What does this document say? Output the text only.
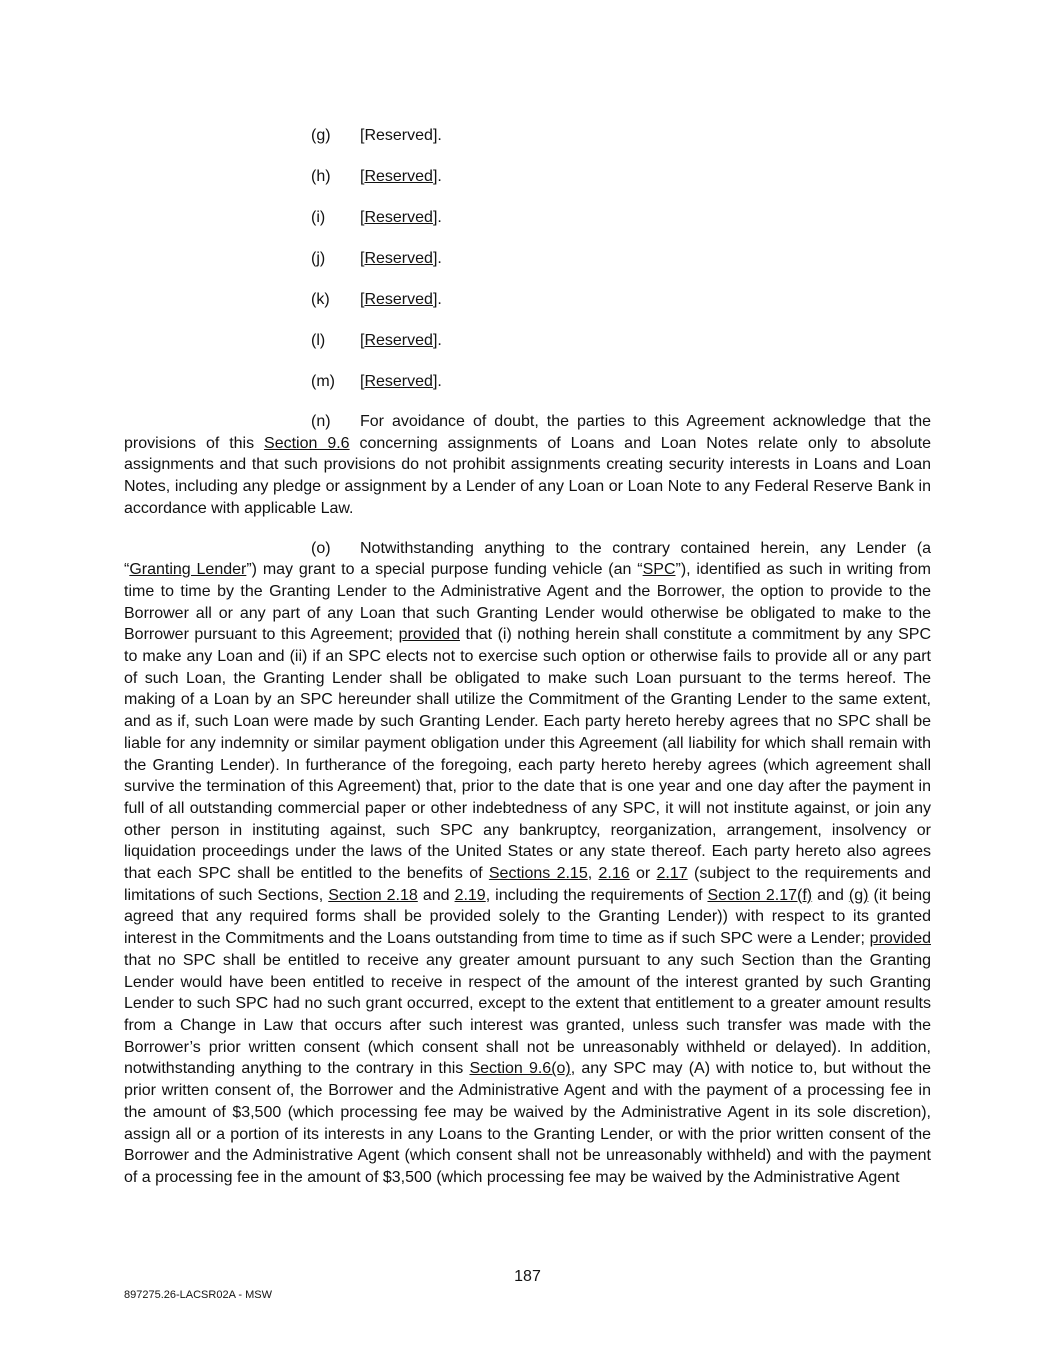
(g) [Reserved].
(h) [Reserved].
(i) [Reserved].
(j) [Reserved].
(k) [Reserved].
(l) [Reserved].
(m) [Reserved].

(n) For avoidance of doubt, the parties to this Agreement acknowledge that the provisions of this Section 9.6 concerning assignments of Loans and Loan Notes relate only to absolute assignments and that such provisions do not prohibit assignments creating security interests in Loans and Loan Notes, including any pledge or assignment by a Lender of any Loan or Loan Note to any Federal Reserve Bank in accordance with applicable Law.

(o) Notwithstanding anything to the contrary contained herein, any Lender (a “Granting Lender”) may grant to a special purpose funding vehicle (an “SPC”), identified as such in writing from time to time by the Granting Lender to the Administrative Agent and the Borrower, the option to provide to the Borrower all or any part of any Loan that such Granting Lender would otherwise be obligated to make to the Borrower pursuant to this Agreement; provided that (i) nothing herein shall constitute a commitment by any SPC to make any Loan and (ii) if an SPC elects not to exercise such option or otherwise fails to provide all or any part of such Loan, the Granting Lender shall be obligated to make such Loan pursuant to the terms hereof. The making of a Loan by an SPC hereunder shall utilize the Commitment of the Granting Lender to the same extent, and as if, such Loan were made by such Granting Lender. Each party hereto hereby agrees that no SPC shall be liable for any indemnity or similar payment obligation under this Agreement (all liability for which shall remain with the Granting Lender). In furtherance of the foregoing, each party hereto hereby agrees (which agreement shall survive the termination of this Agreement) that, prior to the date that is one year and one day after the payment in full of all outstanding commercial paper or other indebtedness of any SPC, it will not institute against, or join any other person in instituting against, such SPC any bankruptcy, reorganization, arrangement, insolvency or liquidation proceedings under the laws of the United States or any state thereof. Each party hereto also agrees that each SPC shall be entitled to the benefits of Sections 2.15, 2.16 or 2.17 (subject to the requirements and limitations of such Sections, Section 2.18 and 2.19, including the requirements of Section 2.17(f) and (g) (it being agreed that any required forms shall be provided solely to the Granting Lender)) with respect to its granted interest in the Commitments and the Loans outstanding from time to time as if such SPC were a Lender; provided that no SPC shall be entitled to receive any greater amount pursuant to any such Section than the Granting Lender would have been entitled to receive in respect of the amount of the interest granted by such Granting Lender to such SPC had no such grant occurred, except to the extent that entitlement to a greater amount results from a Change in Law that occurs after such interest was granted, unless such transfer was made with the Borrower’s prior written consent (which consent shall not be unreasonably withheld or delayed). In addition, notwithstanding anything to the contrary in this Section 9.6(o), any SPC may (A) with notice to, but without the prior written consent of, the Borrower and the Administrative Agent and with the payment of a processing fee in the amount of $3,500 (which processing fee may be waived by the Administrative Agent in its sole discretion), assign all or a portion of its interests in any Loans to the Granting Lender, or with the prior written consent of the Borrower and the Administrative Agent (which consent shall not be unreasonably withheld) and with the payment of a processing fee in the amount of $3,500 (which processing fee may be waived by the Administrative Agent

187
897275.26-LACSR02A - MSW
